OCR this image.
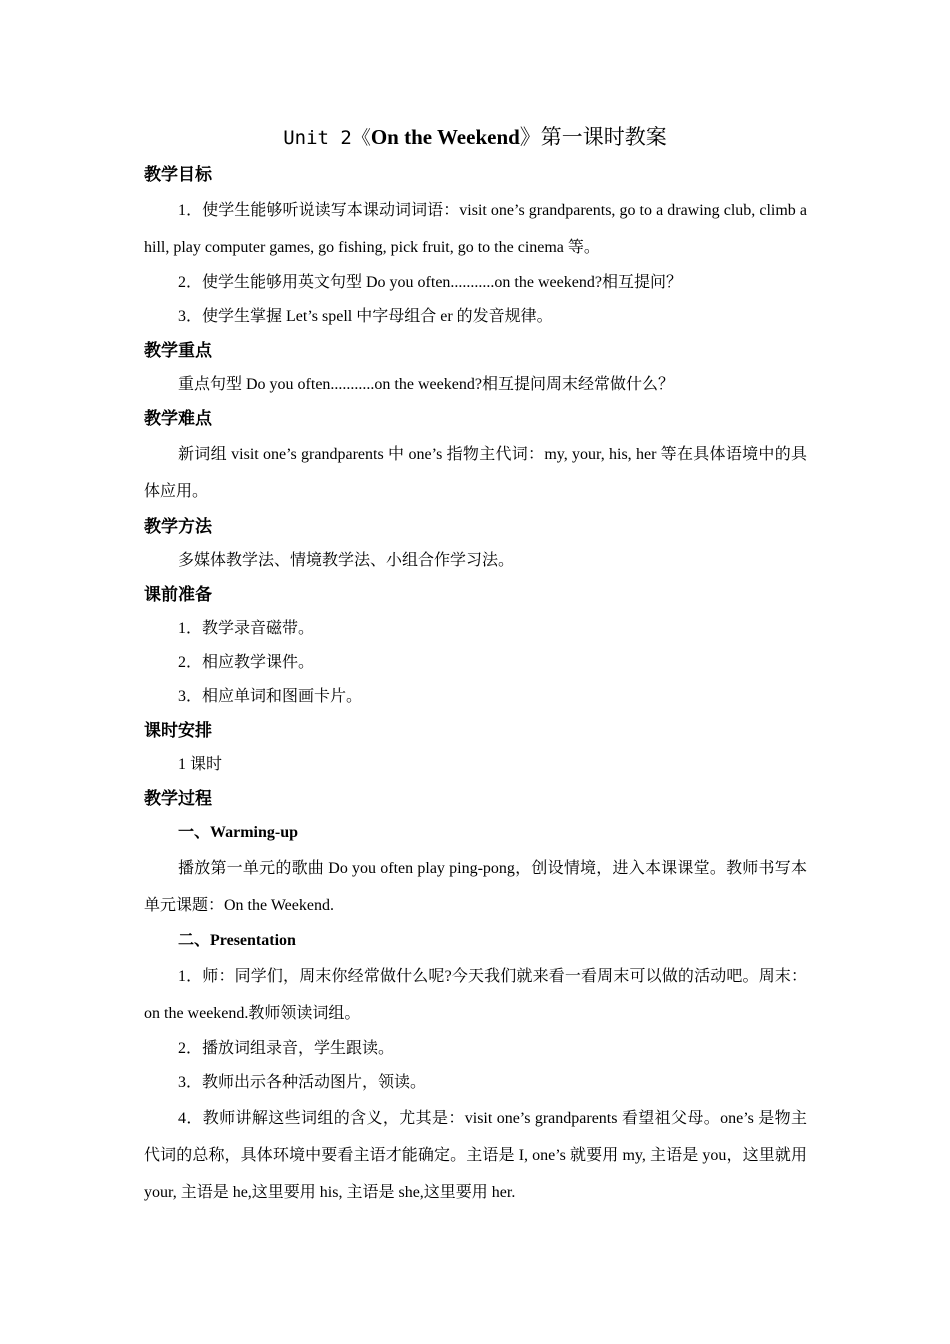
Unit 2《On the Weekend》第一课时教案
教学目标

1．使学生能够听说读写本课动词词语：visit one’s grandparents, go to a drawing club, climb a hill, play computer games, go fishing, pick fruit, go to the cinema 等。

2．使学生能够用英文句型 Do you often...........on the weekend?相互提问？

3．使学生掌握 Let’s spell 中字母组合 er 的发音规律。

教学重点

重点句型 Do you often...........on the weekend?相互提问周末经常做什么？

教学难点

新词组 visit one’s grandparents 中 one’s 指物主代词：my, your, his, her 等在具体语境中的具体应用。

教学方法

多媒体教学法、情境教学法、小组合作学习法。

课前准备

1．教学录音磁带。

2．相应教学课件。

3．相应单词和图画卡片。

课时安排

1 课时

教学过程

一、Warming-up

播放第一单元的歌曲 Do you often play ping-pong，创设情境，进入本课课堂。教师书写本单元课题：On the Weekend.

二、Presentation

1．师：同学们，周末你经常做什么呢?今天我们就来看一看周末可以做的活动吧。周末：on the weekend.教师领读词组。

2．播放词组录音，学生跟读。

3．教师出示各种活动图片，领读。

4．教师讲解这些词组的含义，尤其是：visit one’s grandparents 看望祖父母。one’s 是物主代词的总称，具体环境中要看主语才能确定。主语是 I, one’s 就要用 my, 主语是 you，这里就用 your, 主语是 he,这里要用 his, 主语是 she,这里要用 her.
